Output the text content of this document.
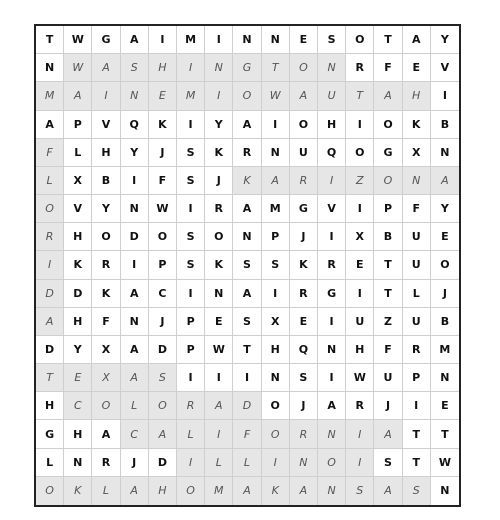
T	W	G	A	I	M	I	N	N	E	S	O	T	A	Y
N	W	A	S	H	I	N	G	T	O	N	R	F	E	V
M	A	I	N	E	M	I	O	W	A	U	T	A	H	I
A	P	V	Q	K	I	Y	A	I	O	H	I	O	K	B
F	L	H	Y	J	S	K	R	N	U	Q	O	G	X	N
L	X	B	I	F	S	J	K	A	R	I	Z	O	N	A
O	V	Y	N	W	I	R	A	M	G	V	I	P	F	Y
R	H	O	D	O	S	O	N	P	J	I	X	B	U	E
I	K	R	I	P	S	K	S	S	K	R	E	T	U	O
D	D	K	A	C	I	N	A	I	R	G	I	T	L	J
A	H	F	N	J	P	E	S	X	E	I	U	Z	U	B
D	Y	X	A	D	P	W	T	H	Q	N	H	F	R	M
T	E	X	A	S	I	I	I	N	S	I	W	U	P	N
H	C	O	L	O	R	A	D	O	J	A	R	J	I	E
G	H	A	C	A	L	I	F	O	R	N	I	A	T	T
L	N	R	J	D	I	L	L	I	N	O	I	S	T	W
O	K	L	A	H	O	M	A	K	A	N	S	A	S	N
